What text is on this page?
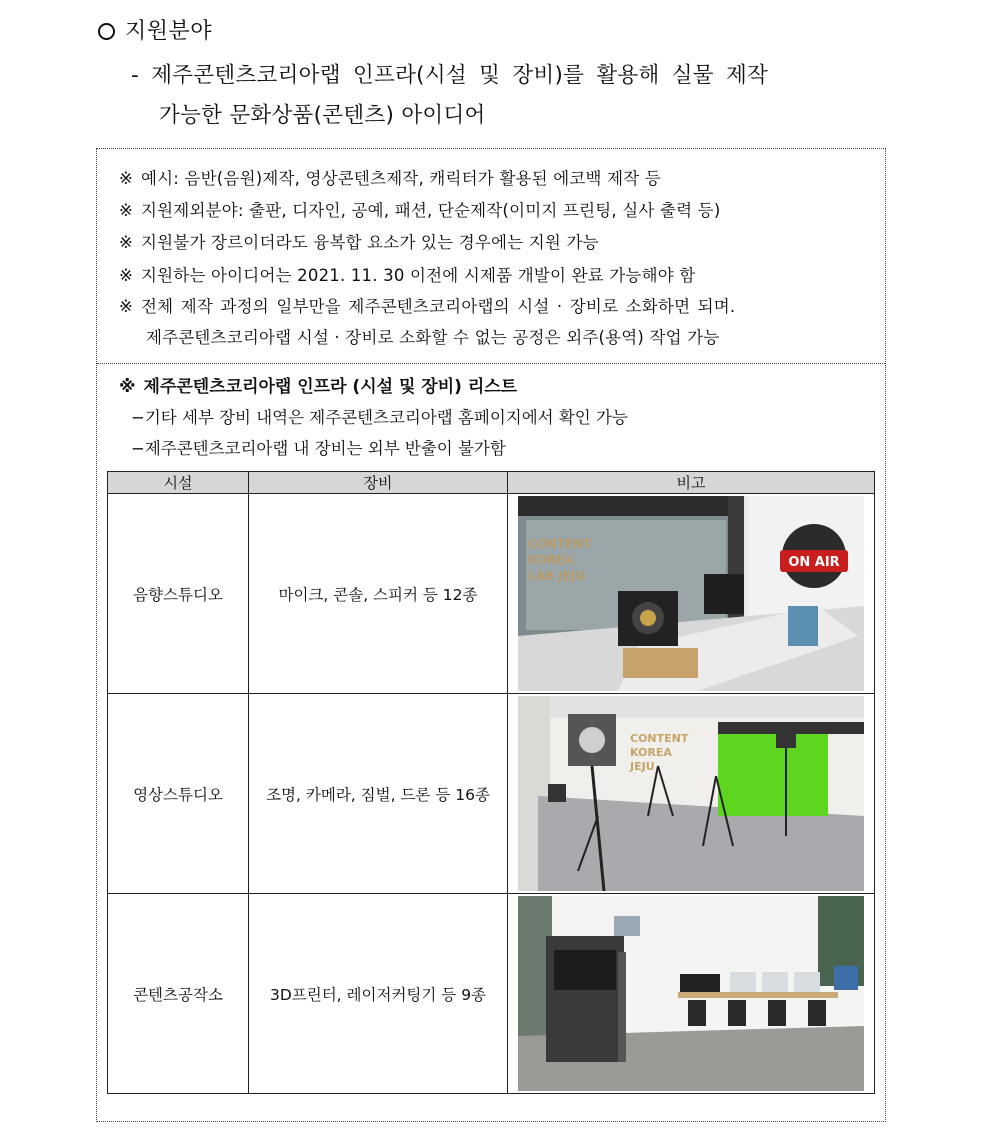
지원분야
- 제주콘텐츠코리아랩 인프라(시설 및 장비)를 활용해 실물 제작
가능한 문화상품(콘텐츠) 아이디어
※ 예시: 음반(음원)제작, 영상콘텐츠제작, 캐릭터가 활용된 에코백 제작 등
※ 지원제외분야: 출판, 디자인, 공예, 패션, 단순제작(이미지 프린팅, 실사 출력 등)
※ 지원불가 장르이더라도 융복합 요소가 있는 경우에는 지원 가능
※ 지원하는 아이디어는 2021. 11. 30 이전에 시제품 개발이 완료 가능해야 함
※ 전체 제작 과정의 일부만을 제주콘텐츠코리아랩의 시설 · 장비로 소화하면 되며.
제주콘텐츠코리아랩 시설 · 장비로 소화할 수 없는 공정은 외주(용역) 작업 가능
※ 제주콘텐츠코리아랩 인프라 (시설 및 장비) 리스트
−기타 세부 장비 내역은 제주콘텐츠코리아랩 홈페이지에서 확인 가능
−제주콘텐츠코리아랩 내 장비는 외부 반출이 불가함
시설	장비	비고
음향스튜디오	마이크, 콘솔, 스피커 등 12종	CONTENT
KOREA
LAB JEJU
ON AIR

영상스튜디오	조명, 카메라, 짐벌, 드론 등 16종	CONTENT
KOREA
JEJU

콘텐츠공작소	3D프린터, 레이저커팅기 등 9종	
